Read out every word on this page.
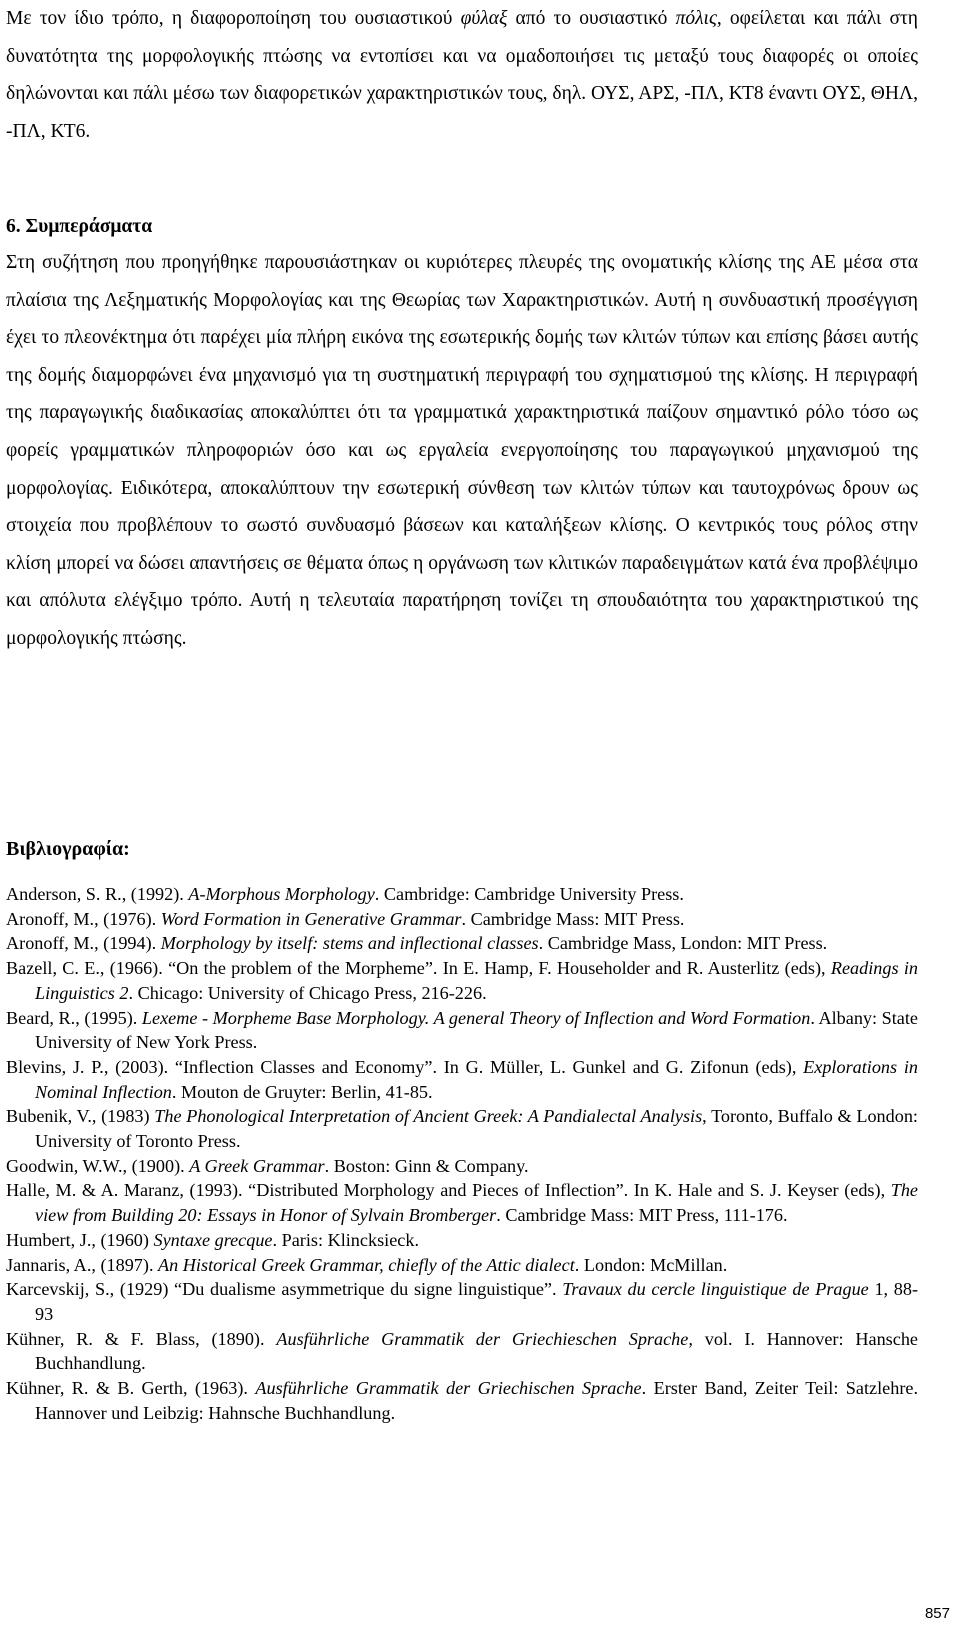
Με τον ίδιο τρόπο, η διαφοροποίηση του ουσιαστικού φύλαξ από το ουσιαστικό πόλις, οφείλεται και πάλι στη δυνατότητα της μορφολογικής πτώσης να εντοπίσει και να ομαδοποιήσει τις μεταξύ τους διαφορές οι οποίες δηλώνονται και πάλι μέσω των διαφορετικών χαρακτηριστικών τους, δηλ. ΟΥΣ, ΑΡΣ, -ΠΛ, ΚΤ8 έναντι ΟΥΣ, ΘΗΛ, -ΠΛ, ΚΤ6.

6. Συμπεράσματα

Στη συζήτηση που προηγήθηκε παρουσιάστηκαν οι κυριότερες πλευρές της ονοματικής κλίσης της ΑΕ μέσα στα πλαίσια της Λεξηματικής Μορφολογίας και της Θεωρίας των Χαρακτηριστικών. Αυτή η συνδυαστική προσέγγιση έχει το πλεονέκτημα ότι παρέχει μία πλήρη εικόνα της εσωτερικής δομής των κλιτών τύπων και επίσης βάσει αυτής της δομής διαμορφώνει ένα μηχανισμό για τη συστηματική περιγραφή του σχηματισμού της κλίσης. Η περιγραφή της παραγωγικής διαδικασίας αποκαλύπτει ότι τα γραμματικά χαρακτηριστικά παίζουν σημαντικό ρόλο τόσο ως φορείς γραμματικών πληροφοριών όσο και ως εργαλεία ενεργοποίησης του παραγωγικού μηχανισμού της μορφολογίας. Ειδικότερα, αποκαλύπτουν την εσωτερική σύνθεση των κλιτών τύπων και ταυτοχρόνως δρουν ως στοιχεία που προβλέπουν το σωστό συνδυασμό βάσεων και καταλήξεων κλίσης. Ο κεντρικός τους ρόλος στην κλίση μπορεί να δώσει απαντήσεις σε θέματα όπως η οργάνωση των κλιτικών παραδειγμάτων κατά ένα προβλέψιμο και απόλυτα ελέγξιμο τρόπο. Αυτή η τελευταία παρατήρηση τονίζει τη σπουδαιότητα του χαρακτηριστικού της μορφολογικής πτώσης.

Βιβλιογραφία:
Anderson, S. R., (1992). A-Morphous Morphology. Cambridge: Cambridge University Press.
Aronoff, M., (1976). Word Formation in Generative Grammar. Cambridge Mass: MIT Press.
Aronoff, M., (1994). Morphology by itself: stems and inflectional classes. Cambridge Mass, London: MIT Press.
Bazell, C. E., (1966). “On the problem of the Morpheme”. In E. Hamp, F. Householder and R. Austerlitz (eds), Readings in Linguistics 2. Chicago: University of Chicago Press, 216-226.
Beard, R., (1995). Lexeme - Morpheme Base Morphology. A general Theory of Inflection and Word Formation. Albany: State University of New York Press.
Blevins, J. P., (2003). “Inflection Classes and Economy”. In G. Müller, L. Gunkel and G. Zifonun (eds), Explorations in Nominal Inflection. Mouton de Gruyter: Berlin, 41-85.
Bubenik, V., (1983) The Phonological Interpretation of Ancient Greek: A Pandialectal Analysis, Toronto, Buffalo & London: University of Toronto Press.
Goodwin, W.W., (1900). A Greek Grammar. Boston: Ginn & Company.
Halle, M. & A. Maranz, (1993). “Distributed Morphology and Pieces of Inflection”. In K. Hale and S. J. Keyser (eds), The view from Building 20: Essays in Honor of Sylvain Bromberger. Cambridge Mass: MIT Press, 111-176.
Humbert, J., (1960) Syntaxe grecque. Paris: Klincksieck.
Jannaris, A., (1897). An Historical Greek Grammar, chiefly of the Attic dialect. London: McMillan.
Karcevskij, S., (1929) “Du dualisme asymmetrique du signe linguistique”. Travaux du cercle linguistique de Prague 1, 88-93
Kühner, R. & F. Blass, (1890). Ausführliche Grammatik der Griechieschen Sprache, vol. I. Hannover: Hansche Buchhandlung.
Kühner, R. & B. Gerth, (1963). Ausführliche Grammatik der Griechischen Sprache. Erster Band, Zeiter Teil: Satzlehre. Hannover und Leibzig: Hahnsche Buchhandlung.
857
